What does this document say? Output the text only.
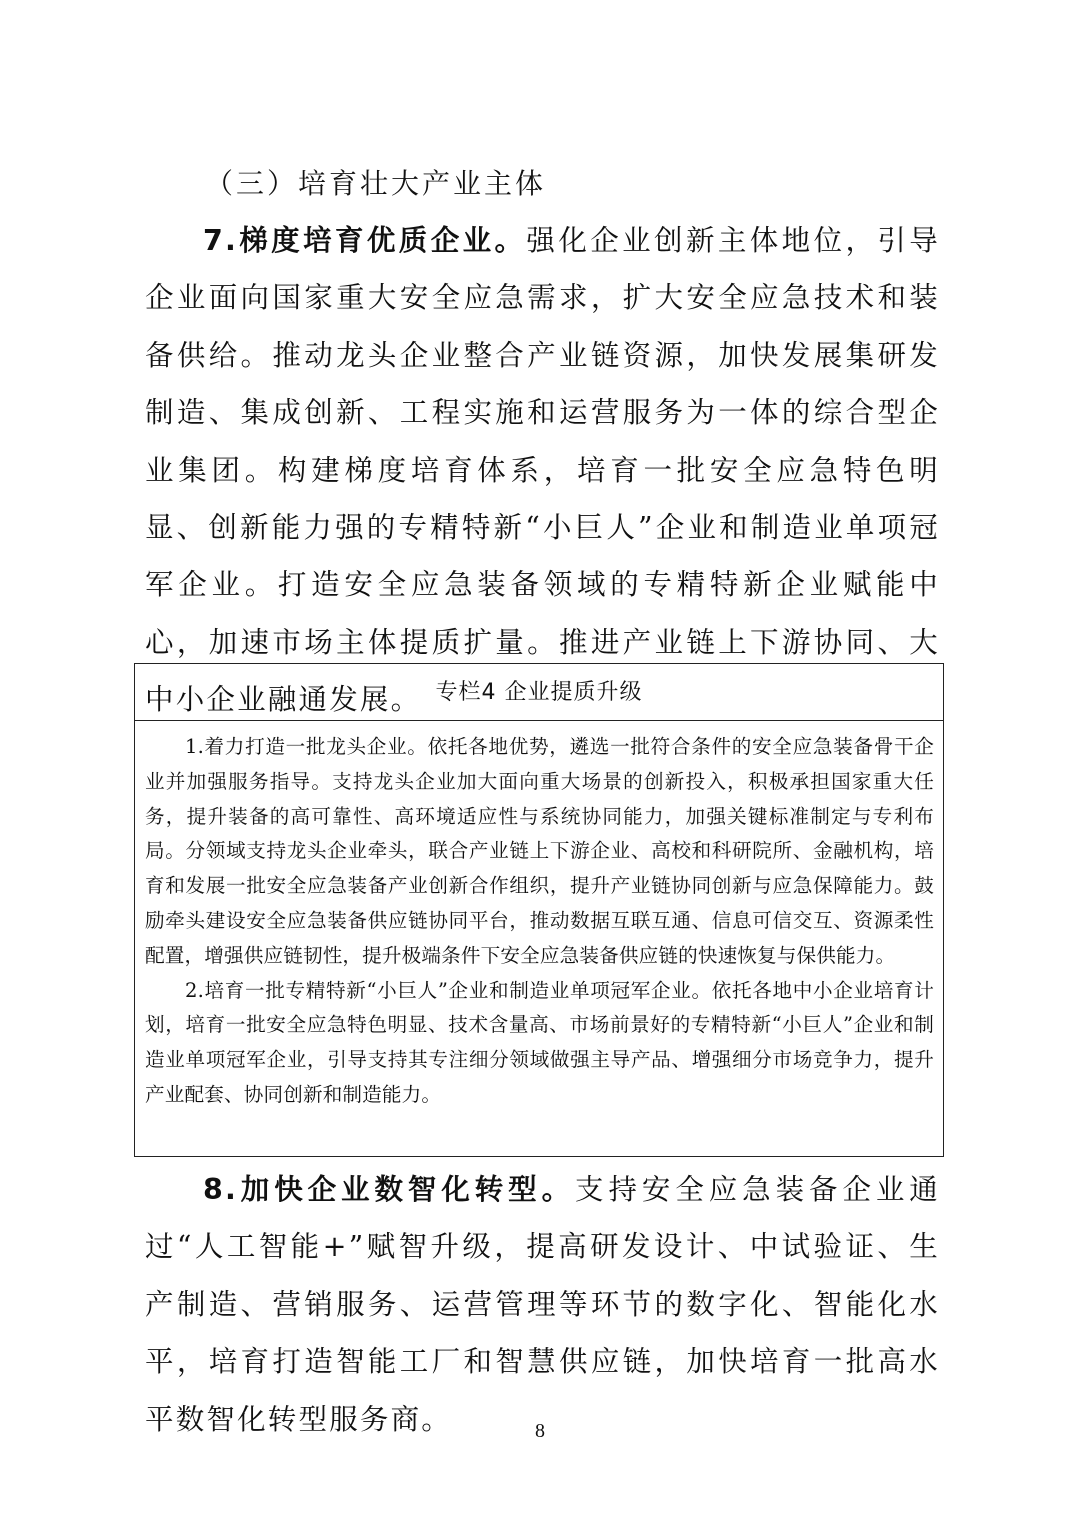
（三）培育壮大产业主体

7.梯度培育优质企业。强化企业创新主体地位，引导企业面向国家重大安全应急需求，扩大安全应急技术和装备供给。推动龙头企业整合产业链资源，加快发展集研发制造、集成创新、工程实施和运营服务为一体的综合型企业集团。构建梯度培育体系，培育一批安全应急特色明显、创新能力强的专精特新“小巨人”企业和制造业单项冠军企业。打造安全应急装备领域的专精特新企业赋能中心，加速市场主体提质扩量。推进产业链上下游协同、大中小企业融通发展。 专栏4 企业提质升级

1.着力打造一批龙头企业。依托各地优势，遴选一批符合条件的安全应急装备骨干企业并加强服务指导。支持龙头企业加大面向重大场景的创新投入，积极承担国家重大任务，提升装备的高可靠性、高环境适应性与系统协同能力，加强关键标准制定与专利布局。分领域支持龙头企业牵头，联合产业链上下游企业、高校和科研院所、金融机构，培育和发展一批安全应急装备产业创新合作组织，提升产业链协同创新与应急保障能力。鼓励牵头建设安全应急装备供应链协同平台，推动数据互联互通、信息可信交互、资源柔性配置，增强供应链韧性，提升极端条件下安全应急装备供应链的快速恢复与保供能力。

2.培育一批专精特新“小巨人”企业和制造业单项冠军企业。依托各地中小企业培育计划，培育一批安全应急特色明显、技术含量高、市场前景好的专精特新“小巨人”企业和制造业单项冠军企业，引导支持其专注细分领域做强主导产品、增强细分市场竞争力，提升产业配套、协同创新和制造能力。

8.加快企业数智化转型。支持安全应急装备企业通过“人工智能+”赋智升级，提高研发设计、中试验证、生产制造、营销服务、运营管理等环节的数字化、智能化水平，培育打造智能工厂和智慧供应链，加快培育一批高水平数智化转型服务商。	8
